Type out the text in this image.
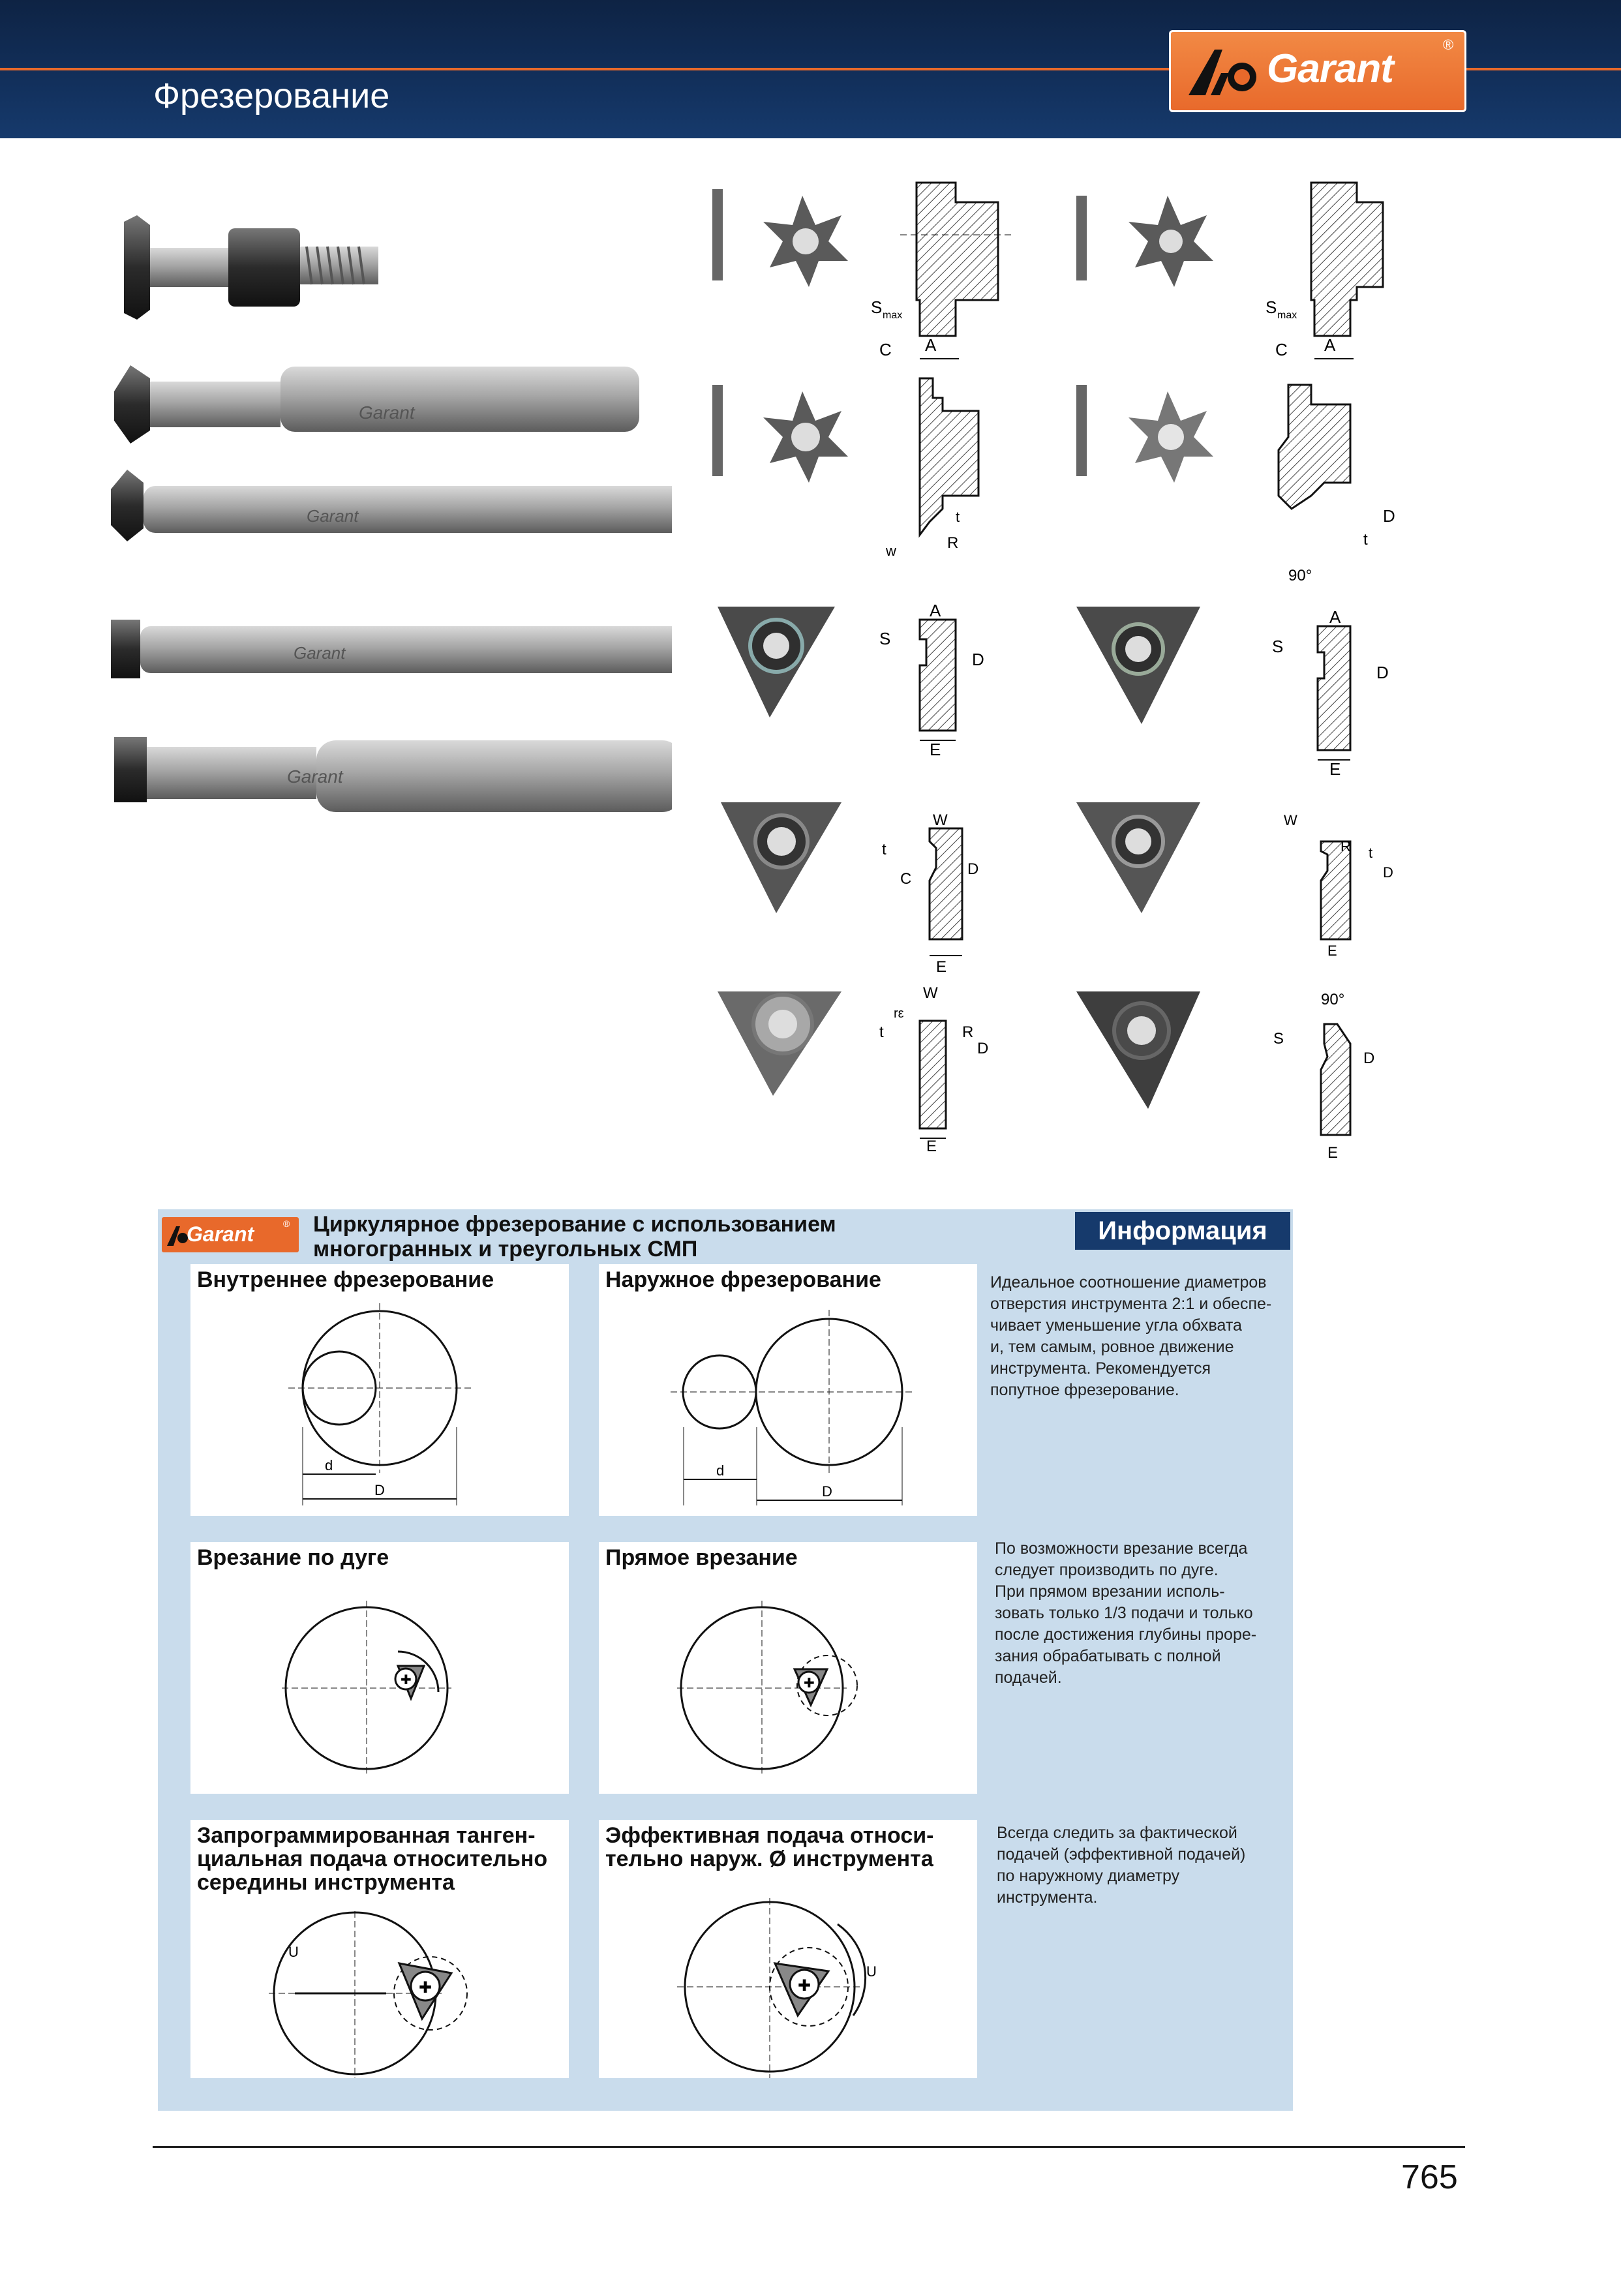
Фрезерование
Garant
®
Garant
Garant
Garant
Garant
S max
C A
S max
C A
t
w	R
D
t
90°
A
S
D
E
A
S
D
E
W
t
C
D
E
W
R t
D
E
rε
W
t	R
D
E
90°
S
D
E
Garant	® Циркулярное фрезерование с использованием
многогранных и треугольных СМП
Информация
Внутреннее фрезерование
d
D
Наружное фрезерование
d
D
Идеальное соотношение диаметров
отверстия инструмента 2:1 и обеспе-
чивает уменьшение угла обхвата
и, тем самым, ровное движение
инструмента. Рекомендуется
попутное фрезерование.
Врезание по дуге
✚
Прямое врезание
✚
По возможности врезание всегда
следует производить по дуге.
При прямом врезании исполь-
зовать только 1/3 подачи и только
после достижения глубины прорe-
зания обрабатывать с полной
подачей.
Запрограммированная танген-
циальная подача относительно
середины инструмента
✚
U
Эффективная подача относи-
тельно наруж. Ø инструмента
✚
U
Всегда следить за фактической
подачей (эффективной подачей)
по наружному диаметру
инструмента.
765
